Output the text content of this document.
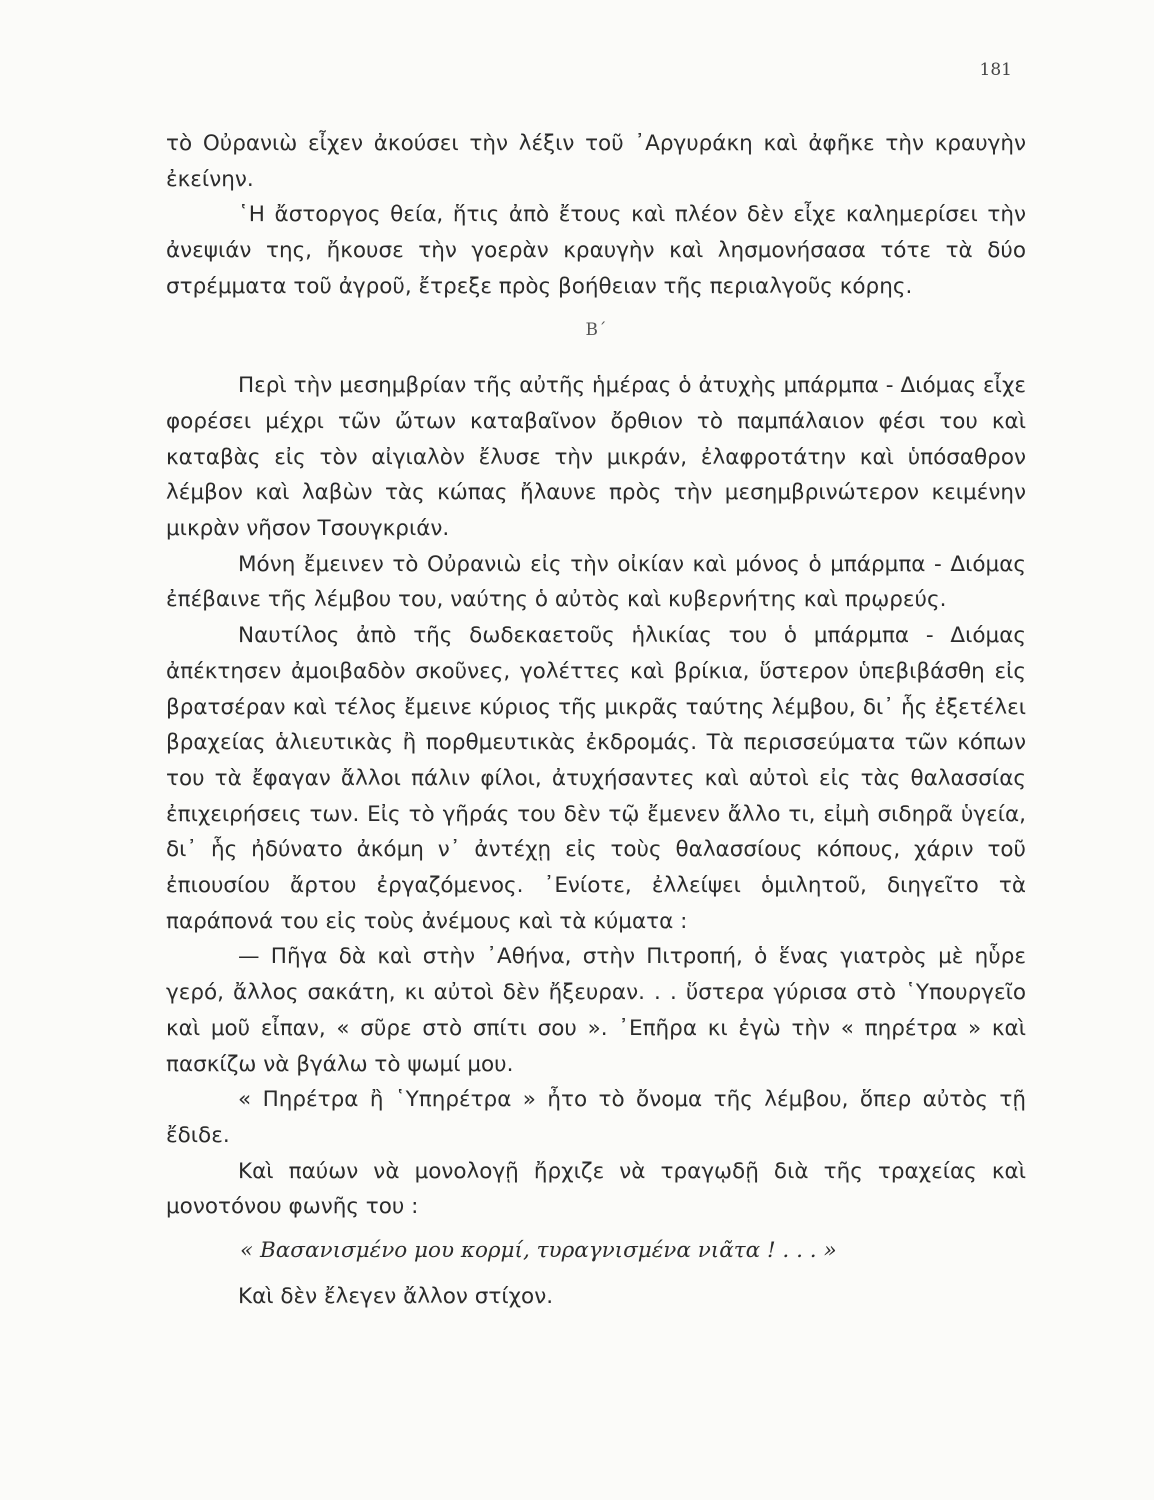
181

τὸ Οὐρανιὼ εἶχεν ἀκούσει τὴν λέξιν τοῦ ᾿Αργυράκη καὶ ἀφῆκε τὴν κραυγὴν ἐκείνην.

῾Η ἄστοργος θεία, ἥτις ἀπὸ ἔτους καὶ πλέον δὲν εἶχε καλημερίσει τὴν ἀνεψιάν της, ἤκουσε τὴν γοερὰν κραυγὴν καὶ λησμονήσασα τότε τὰ δύο στρέμματα τοῦ ἀγροῦ, ἔτρεξε πρὸς βοήθειαν τῆς περιαλγοῦς κόρης.

Β΄

Περὶ τὴν μεσημβρίαν τῆς αὐτῆς ἡμέρας ὁ ἀτυχὴς μπάρμπα - Διόμας εἶχε φορέσει μέχρι τῶν ὤτων καταβαῖνον ὄρθιον τὸ παμπάλαιον φέσι του καὶ καταβὰς εἰς τὸν αἰγιαλὸν ἔλυσε τὴν μικράν, ἐλαφροτάτην καὶ ὑπόσαθρον λέμβον καὶ λαβὼν τὰς κώπας ἤλαυνε πρὸς τὴν μεσημβρινώτερον κειμένην μικρὰν νῆσον Τσουγκριάν.

Μόνη ἔμεινεν τὸ Οὐρανιὼ εἰς τὴν οἰκίαν καὶ μόνος ὁ μπάρμπα - Διόμας ἐπέβαινε τῆς λέμβου του, ναύτης ὁ αὐτὸς καὶ κυβερνήτης καὶ πρῳρεύς.

Ναυτίλος ἀπὸ τῆς δωδεκαετοῦς ἡλικίας του ὁ μπάρμπα - Διόμας ἀπέκτησεν ἀμοιβαδὸν σκοῦνες, γολέττες καὶ βρίκια, ὕστερον ὑπεβιβάσθη εἰς βρατσέραν καὶ τέλος ἔμεινε κύριος τῆς μικρᾶς ταύτης λέμβου, δι᾿ ἧς ἐξετέλει βραχείας ἁλιευτικὰς ἢ πορθμευτικὰς ἐκδρομάς. Τὰ περισσεύματα τῶν κόπων του τὰ ἔφαγαν ἄλλοι πάλιν φίλοι, ἀτυχήσαντες καὶ αὐτοὶ εἰς τὰς θαλασσίας ἐπιχειρήσεις των. Εἰς τὸ γῆράς του δὲν τῷ ἔμενεν ἄλλο τι, εἰμὴ σιδηρᾶ ὑγεία, δι᾿ ἧς ἠδύνατο ἀκόμη ν᾿ ἀντέχῃ εἰς τοὺς θαλασσίους κόπους, χάριν τοῦ ἐπιουσίου ἄρτου ἐργαζόμενος. ᾿Ενίοτε, ἐλλείψει ὁμιλητοῦ, διηγεῖτο τὰ παράπονά του εἰς τοὺς ἀνέμους καὶ τὰ κύματα :

— Πῆγα δὰ καὶ στὴν ᾿Αθήνα, στὴν Πιτροπή, ὁ ἕνας γιατρὸς μὲ ηὗρε γερό, ἄλλος σακάτη, κι αὐτοὶ δὲν ἤξευραν. . . ὕστερα γύρισα στὸ ῾Υπουργεῖο καὶ μοῦ εἶπαν, « σῦρε στὸ σπίτι σου ». ᾿Επῆρα κι ἐγὼ τὴν « πηρέτρα » καὶ πασκίζω νὰ βγάλω τὸ ψωμί μου.

« Πηρέτρα ἢ ῾Υπηρέτρα » ἦτο τὸ ὄνομα τῆς λέμβου, ὅπερ αὐτὸς τῇ ἔδιδε.

Καὶ παύων νὰ μονολογῇ ἤρχιζε νὰ τραγῳδῇ διὰ τῆς τραχείας καὶ μονοτόνου φωνῆς του :

« Βασανισμένο μου κορμί, τυραγνισμένα νιᾶτα ! . . . »

Καὶ δὲν ἔλεγεν ἄλλον στίχον.
